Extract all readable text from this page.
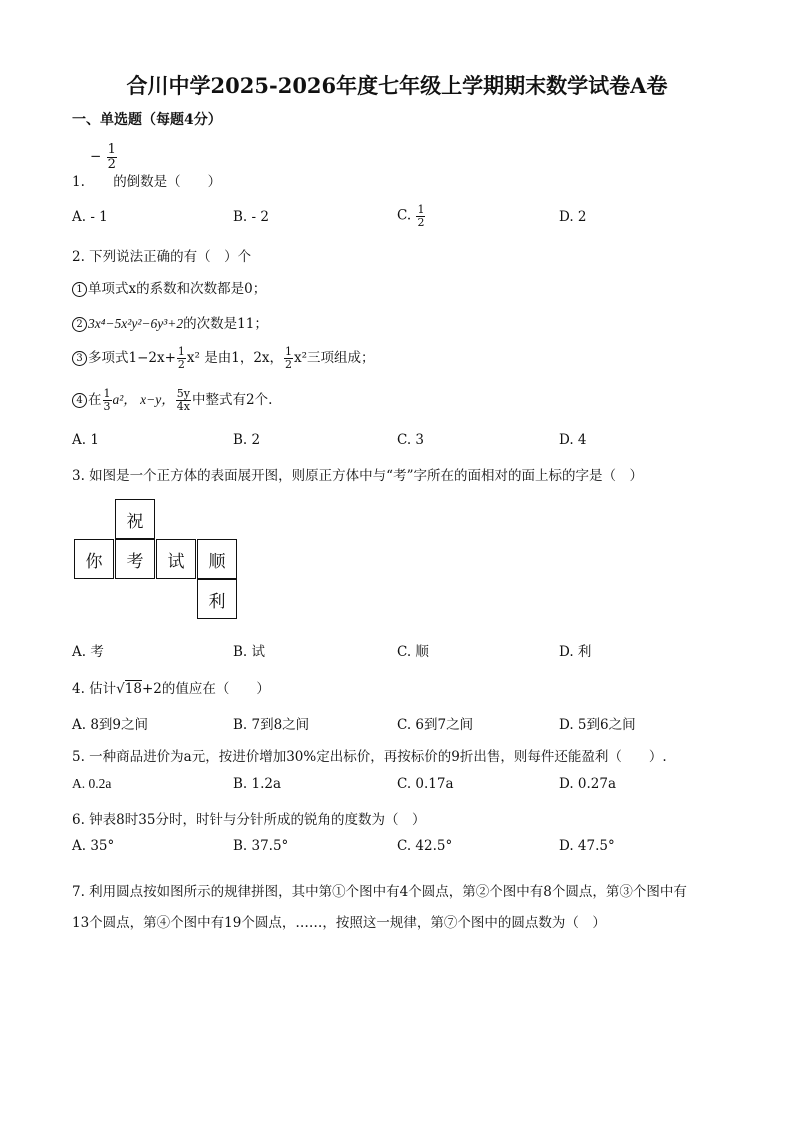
合川中学2025-2026年度七年级上学期期末数学试卷A卷
一、单选题（每题4分）
− $\frac{1}{2}$
1. 的倒数是（　　）
A. - 1	B. - 2	C. $\frac{1}{2}$	D. 2
2. 下列说法正确的有（　）个
1 单项式x的系数和次数都是0；
2 3x⁴−5x²y²−6y³+2的次数是11；
3 多项式$1-2x+ \frac{1}{2} x^2$ 是由1，2x， $\frac{1}{2} x^2$三项组成；
4 在 $\frac{1}{3} a^2$， x−y， $\frac{5y}{4x}$ 中整式有2个.
A. 1	B. 2	C. 3	D. 4
3. 如图是一个正方体的表面展开图，则原正方体中与“考”字所在的面相对的面上标的字是（　）
祝
你	考	试	顺
利
A. 考	B. 试	C. 顺	D. 利
4. 估计√18+2的值应在（　　）
A. 8到9之间	B. 7到8之间	C. 6到7之间	D. 5到6之间
5. 一种商品进价为a元，按进价增加30%定出标价，再按标价的9折出售，则每件还能盈利（　　）.
A. 0.2a	B. 1.2a	C. 0.17a	D. 0.27a
6. 钟表8时35分时，时针与分针所成的锐角的度数为（　）
A. 35°	B. 37.5°	C. 42.5°	D. 47.5°
7. 利用圆点按如图所示的规律拼图，其中第①个图中有4个圆点，第②个图中有8个圆点，第③个图中有
13个圆点，第④个图中有19个圆点，……，按照这一规律，第⑦个图中的圆点数为（　）
